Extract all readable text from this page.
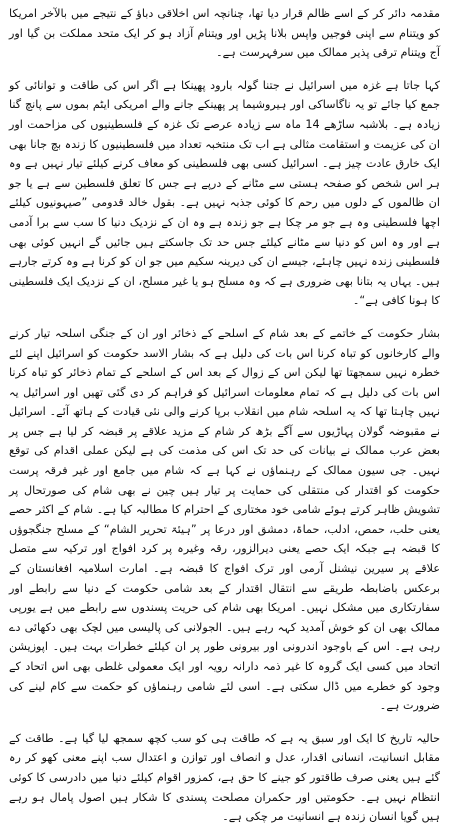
مقدمہ دائر کر کے اسے ظالم قرار دیا تھا، چنانچہ اس اخلاقی دباؤ کے نتیجے میں بالآخر امریکا کو ویتنام سے اپنی فوجیں واپس بلانا پڑیں اور ویتنام آزاد ہو کر ایک متحد مملکت بن گیا اور آج ویتنام ترقی پذیر ممالک میں سرفہرست ہے۔

کہا جاتا ہے غزہ میں اسرائیل نے جتنا گولہ بارود پھینکا ہے اگر اس کی طاقت و توانائی کو جمع کیا جائے تو یہ ناگاساکی اور ہیروشیما پر پھینکے جانے والے امریکی ایٹم بموں سے پانچ گنا زیادہ ہے۔ بلاشبہ ساڑھے 14 ماہ سے زیادہ عرصے تک غزہ کے فلسطینیوں کی مزاحمت اور ان کی عزیمت و استقامت مثالی ہے اب تک منتخبہ تعداد میں فلسطینیوں کا زندہ بچ جانا بھی ایک خارق عادت چیز ہے۔ اسرائیل کسی بھی فلسطینی کو معاف کرنے کیلئے تیار نہیں ہے وہ ہر اس شخص کو صفحہ ہستی سے مٹانے کے درپے ہے جس کا تعلق فلسطین سے ہے یا جو ان ظالموں کے دلوں میں رحم کا کوئی جذبہ نہیں ہے۔ بقول خالد قدومی ”صیہونیوں کیلئے اچھا فلسطینی وہ ہے جو مر چکا ہے جو زندہ ہے وہ ان کے نزدیک دنیا کا سب سے برا آدمی ہے اور وہ اس کو دنیا سے مٹانے کیلئے جس حد تک جاسکتے ہیں جائیں گے انہیں کوئی بھی فلسطینی زندہ نہیں چاہئے، جیسے ان کی دیرینہ سکیم میں جو ان کو کرنا ہے وہ کرتے جارہے ہیں۔ یہاں یہ بتانا بھی ضروری ہے کہ وہ مسلح ہو یا غیر مسلح، ان کے نزدیک ایک فلسطینی کا ہونا کافی ہے“۔

بشار حکومت کے خاتمے کے بعد شام کے اسلحے کے ذخائر اور ان کے جنگی اسلحہ تیار کرنے والے کارخانوں کو تباہ کرنا اس بات کی دلیل ہے کہ بشار الاسد حکومت کو اسرائیل اپنے لئے خطرہ نہیں سمجھتا تھا لیکن اس کے زوال کے بعد اس کے اسلحے کے تمام ذخائر کو تباہ کرنا اس بات کی دلیل ہے کہ تمام معلومات اسرائیل کو فراہم کر دی گئی تھیں اور اسرائیل یہ نہیں چاہتا تھا کہ یہ اسلحہ شام میں انقلاب برپا کرنے والی نئی قیادت کے ہاتھ آئے۔ اسرائیل نے مقبوضہ گولان پہاڑیوں سے آگے بڑھ کر شام کے مزید علاقے پر قبضہ کر لیا ہے جس پر بعض عرب ممالک نے بیانات کی حد تک اس کی مذمت کی ہے لیکن عملی اقدام کی توقع نہیں۔ جی سیون ممالک کے رہنماؤں نے کہا ہے کہ شام میں جامع اور غیر فرقہ پرست حکومت کو اقتدار کی منتقلی کی حمایت پر تیار ہیں چین نے بھی شام کی صورتحال پر تشویش ظاہر کرتے ہوئے شامی خود مختاری کے احترام کا مطالبہ کیا ہے۔ شام کے اکثر حصے یعنی حلب، حمص، ادلب، حماۃ، دمشق اور درعا پر ”ہیئۃ تحریر الشام“ کے مسلح جنگجوؤں کا قبضہ ہے جبکہ ایک حصے یعنی دیرالزور، رقہ وغیرہ پر کرد افواج اور ترکیہ سے متصل علاقے پر سیرین نیشنل آرمی اور ترک افواج کا قبضہ ہے۔ امارت اسلامیہ افغانستان کے برعکس باضابطہ طریقے سے انتقال اقتدار کے بعد شامی حکومت کے دنیا سے رابطے اور سفارتکاری میں مشکل نہیں۔ امریکا بھی شام کی حریت پسندوں سے رابطے میں ہے یورپی ممالک بھی ان کو خوش آمدید کہہ رہے ہیں۔ الجولانی کی پالیسی میں لچک بھی دکھائی دے رہی ہے۔ اس کے باوجود اندرونی اور بیرونی طور پر ان کیلئے خطرات بہت ہیں۔ اپوزیشن اتحاد میں کسی ایک گروہ کا غیر ذمہ دارانہ رویہ اور ایک معمولی غلطی بھی اس اتحاد کے وجود کو خطرے میں ڈال سکتی ہے۔ اسی لئے شامی رہنماؤں کو حکمت سے کام لینے کی ضرورت ہے۔

حالیہ تاریخ کا ایک اور سبق یہ ہے کہ طاقت ہی کو سب کچھ سمجھ لیا گیا ہے۔ طاقت کے مقابل انسانیت، انسانی اقدار، عدل و انصاف اور توازن و اعتدال سب اپنے معنی کھو کر رہ گئے ہیں یعنی صرف طاقتور کو جینے کا حق ہے، کمزور اقوام کیلئے دنیا میں دادرسی کا کوئی انتظام نہیں ہے۔ حکومتیں اور حکمران مصلحت پسندی کا شکار ہیں اصول پامال ہو رہے ہیں گویا انسان زندہ ہے انسانیت مر چکی ہے۔
